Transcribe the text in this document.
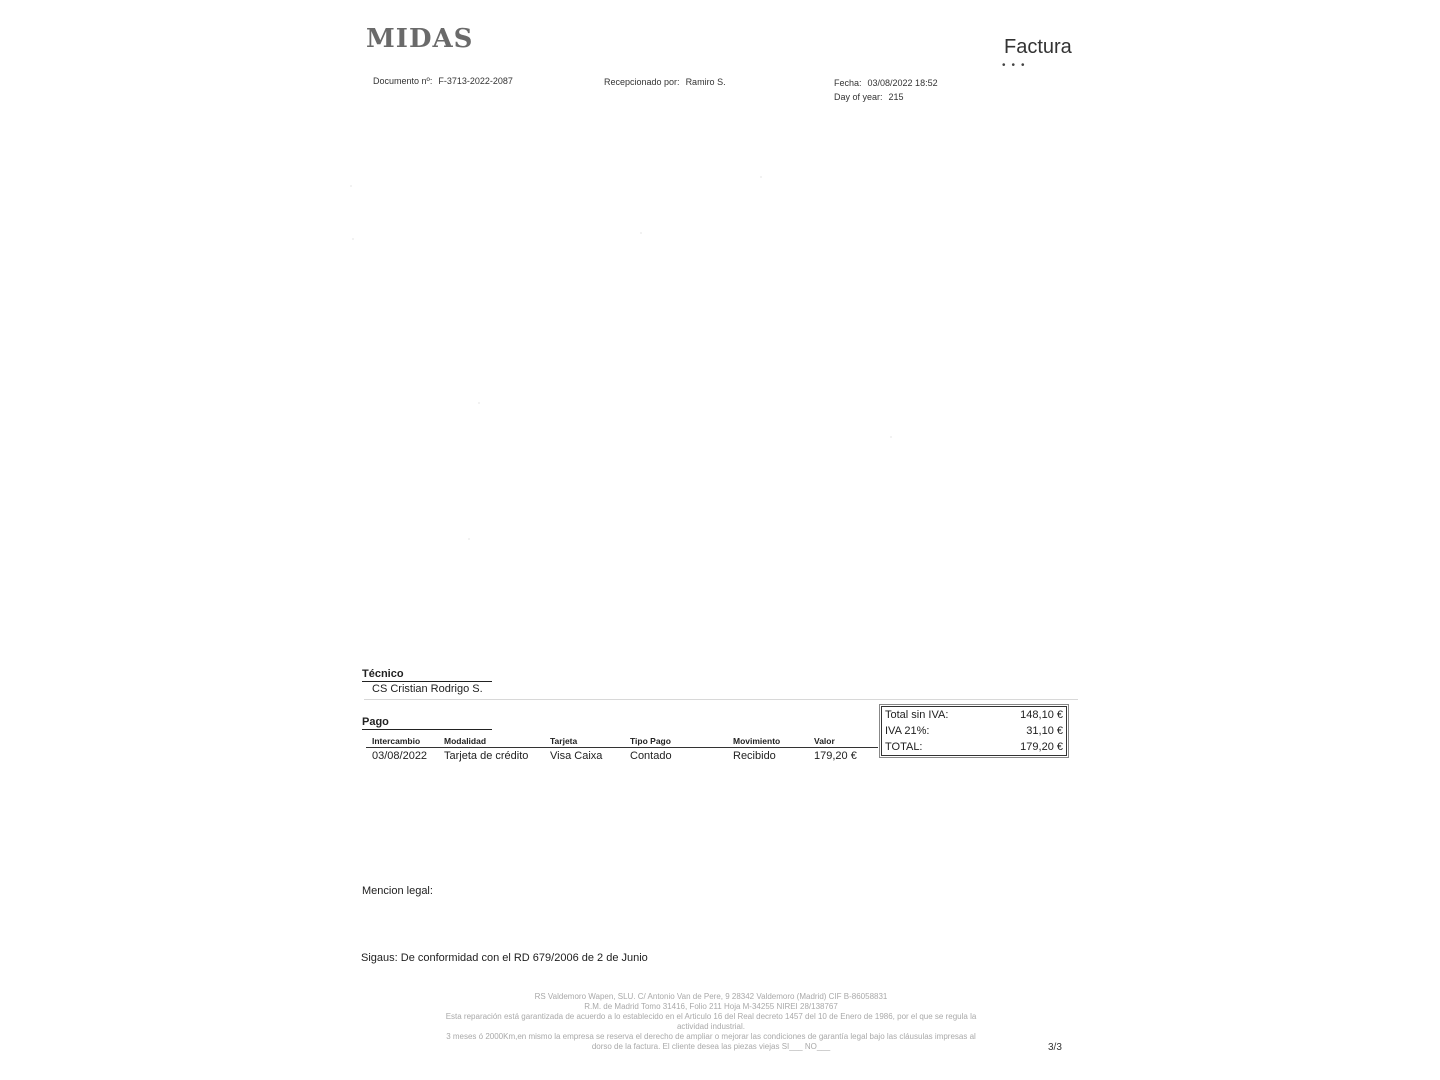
MIDAS	Factura
•••
Documento nº: F-3713-2022-2087	Recepcionado por: Ramiro S.	Fecha: 03/08/2022 18:52
Day of year: 215
Técnico
CS Cristian Rodrigo S.
Pago
Intercambio	Modalidad	Tarjeta	Tipo Pago	Movimiento	Valor
03/08/2022	Tarjeta de crédito	Visa Caixa	Contado	Recibido	179,20 €
Total sin IVA:	148,10 €
IVA 21%:	31,10 €
TOTAL:	179,20 €
Mencion legal:
Sigaus: De conformidad con el RD 679/2006 de 2 de Junio
RS Valdemoro Wapen, SLU. C/ Antonio Van de Pere, 9 28342 Valdemoro (Madrid) CIF B-86058831
R.M. de Madrid Tomo 31416, Folio 211 Hoja M-34255 NIREI 28/138767
Esta reparación está garantizada de acuerdo a lo establecido en el Articulo 16 del Real decreto 1457 del 10 de Enero de 1986, por el que se regula la
actividad industrial.
3 meses ó 2000Km,en mismo la empresa se reserva el derecho de ampliar o mejorar las condiciones de garantía legal bajo las cláusulas impresas al
dorso de la factura. El cliente desea las piezas viejas SI___ NO___	3/3
